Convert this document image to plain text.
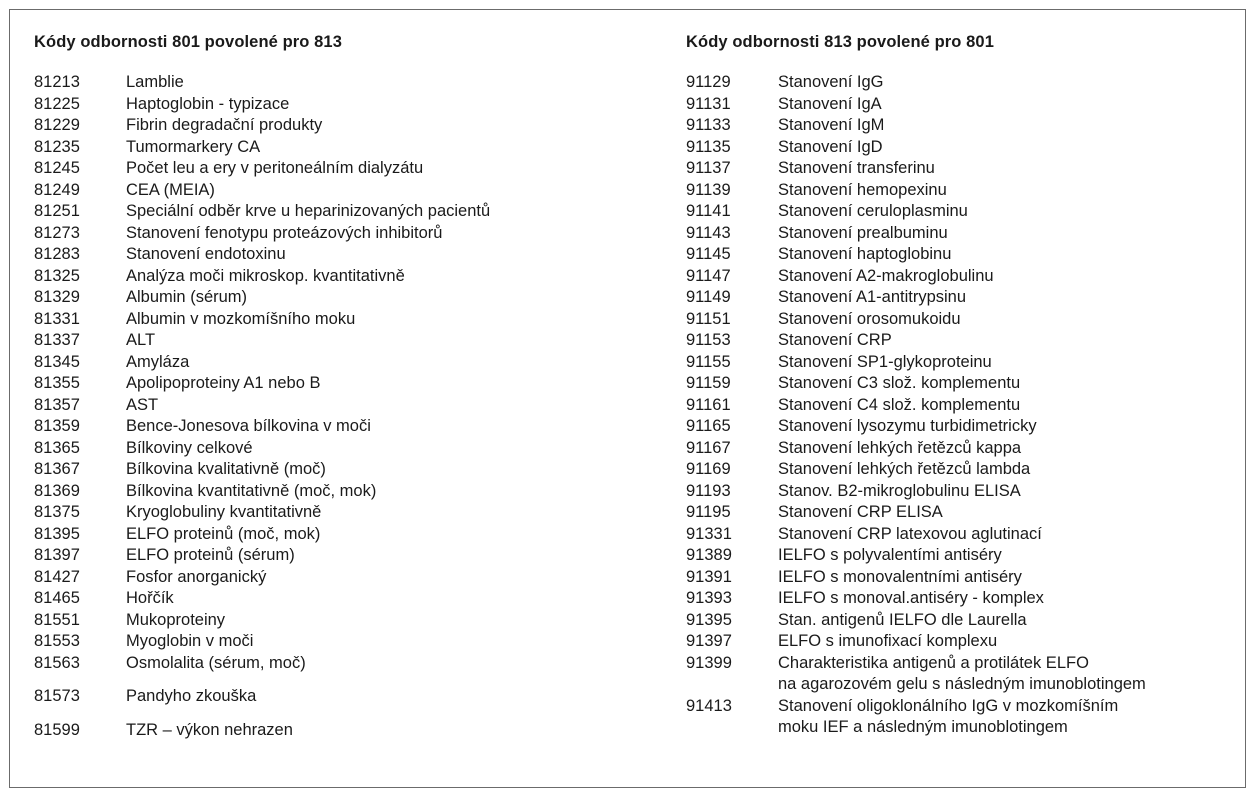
Kódy odbornosti 801 povolené pro 813
81213	Lamblie
81225	Haptoglobin - typizace
81229	Fibrin degradační produkty
81235	Tumormarkery CA
81245	Počet leu a ery v peritoneálním dialyzátu
81249	CEA (MEIA)
81251	Speciální odběr krve u heparinizovaných pacientů
81273	Stanovení fenotypu proteázových inhibitorů
81283	Stanovení endotoxinu
81325	Analýza moči mikroskop. kvantitativně
81329	Albumin (sérum)
81331	Albumin v mozkomíšního moku
81337	ALT
81345	Amyláza
81355	Apolipoproteiny A1 nebo B
81357	AST
81359	Bence-Jonesova bílkovina v moči
81365	Bílkoviny celkové
81367	Bílkovina kvalitativně (moč)
81369	Bílkovina kvantitativně (moč, mok)
81375	Kryoglobuliny kvantitativně
81395	ELFO proteinů (moč, mok)
81397	ELFO proteinů (sérum)
81427	Fosfor anorganický
81465	Hořčík
81551	Mukoproteiny
81553	Myoglobin v moči
81563	Osmolalita (sérum, moč)
81573	Pandyho zkouška
81599	TZR – výkon nehrazen
Kódy odbornosti 813 povolené pro 801
91129	Stanovení IgG
91131	Stanovení IgA
91133	Stanovení IgM
91135	Stanovení IgD
91137	Stanovení transferinu
91139	Stanovení hemopexinu
91141	Stanovení ceruloplasminu
91143	Stanovení prealbuminu
91145	Stanovení haptoglobinu
91147	Stanovení A2-makroglobulinu
91149	Stanovení A1-antitrypsinu
91151	Stanovení orosomukoidu
91153	Stanovení CRP
91155	Stanovení SP1-glykoproteinu
91159	Stanovení C3 slož. komplementu
91161	Stanovení C4 slož. komplementu
91165	Stanovení lysozymu turbidimetricky
91167	Stanovení lehkých řetězců kappa
91169	Stanovení lehkých řetězců lambda
91193	Stanov. B2-mikroglobulinu ELISA
91195	Stanovení CRP ELISA
91331	Stanovení CRP latexovou aglutinací
91389	IELFO s polyvalentími antiséry
91391	IELFO s monovalentními antiséry
91393	IELFO s monoval.antiséry - komplex
91395	Stan. antigenů IELFO dle Laurella
91397	ELFO s imunofixací komplexu
91399	Charakteristika antigenů a protilátek ELFO
na agarozovém gelu s následným imunoblotingem
91413	Stanovení oligoklonálního IgG v mozkomíšním
moku IEF a následným imunoblotingem
